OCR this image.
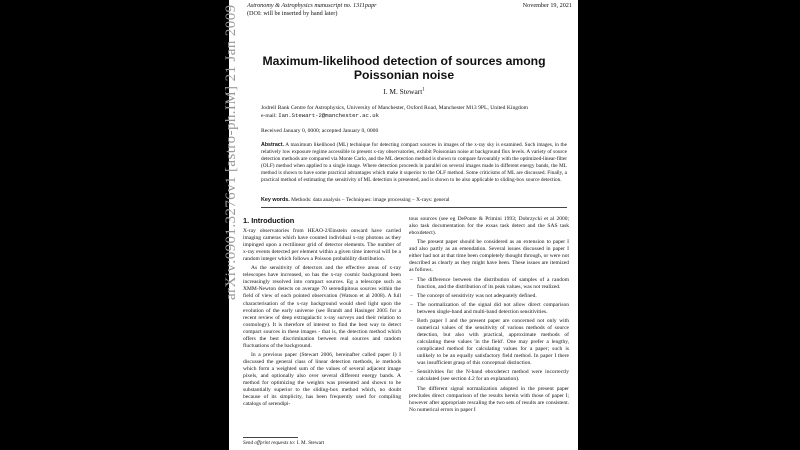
arXiv:0901.3276v1 [astro-ph.IM] 21 Jan 2009	Astronomy & Astrophysics manuscript no. 1311papr
(DOI: will be inserted by hand later)
November 19, 2021
Maximum-likelihood detection of sources among Poissonian noise
I. M. Stewart$^1$
Jodrell Bank Centre for Astrophysics, University of Manchester, Oxford Road, Manchester M13 9PL, United Kingdom
e-mail: Ian.Stewart-2@manchester.ac.uk
Received January 0, 0000; accepted January 0, 0000
Abstract. A maximum likelihood (ML) technique for detecting compact sources in images of the x-ray sky is examined. Such images, in the relatively low exposure regime accessible to present x-ray observatories, exhibit Poissonian noise at background flux levels. A variety of source detection methods are compared via Monte Carlo, and the ML detection method is shown to compare favourably with the optimized-linear-filter (OLF) method when applied to a single image. Where detection proceeds in parallel on several images made in different energy bands, the ML method is shown to have some practical advantages which make it superior to the OLF method. Some criticisms of ML are discussed. Finally, a practical method of estimating the sensitivity of ML detection is presented, and is shown to be also applicable to sliding-box source detection.
Key words. Methods: data analysis – Techniques: image processing – X-rays: general
1. Introduction

X-ray observatories from HEAO-2/Einstein onward have carried imaging cameras which have counted individual x-ray photons as they impinged upon a rectilinear grid of detector elements. The number of x-ray events detected per element within a given time interval will be a random integer which follows a Poisson probability distribution.

As the sensitivity of detectors and the effective areas of x-ray telescopes have increased, so has the x-ray cosmic background been increasingly resolved into compact sources. Eg a telescope such as XMM-Newton detects on average 70 serendipitous sources within the field of view of each pointed observation (Watson et al 2008). A full characterisation of the x-ray background would shed light upon the evolution of the early universe (see Brandt and Hasinger 2005 for a recent review of deep extragalactic x-ray surveys and their relation to cosmology). It is therefore of interest to find the best way to detect compact sources in these images - that is, the detection method which offers the best discrimination between real sources and random fluctuations of the background.

In a previous paper (Stewart 2006, hereinafter called paper I) I discussed the general class of linear detection methods, ie methods which form a weighted sum of the values of several adjacent image pixels, and optionally also over several different energy bands. A method for optimizing the weights was presented and shown to be substantially superior to the sliding-box method which, no doubt because of its simplicity, has been frequently used for compiling catalogs of serendipi-

Send offprint requests to: I. M. Stewart

tous sources (see eg DePonte & Primini 1993; Dobrzycki et al 2000; also task documentation for the exsas task detect and the SAS task eboxdetect).

The present paper should be considered as an extension to paper I and also partly as an emendation. Several issues discussed in paper I either had not at that time been completely thought through, or were not described as clearly as they might have been. These issues are itemized as follows.

– The difference between the distribution of samples of a random function, and the distribution of its peak values, was not realized.
– The concept of sensitivity was not adequately defined.
– The normalization of the signal did not allow direct comparison between single-band and multi-band detection sensitivities.
– Both paper I and the present paper are concerned not only with numerical values of the sensitivity of various methods of source detection, but also with practical, approximate methods of calculating these values 'in the field'. One may prefer a lengthy, complicated method for calculating values for a paper; such is unlikely to be an equally satisfactory field method. In paper I there was insufficient grasp of this conceptual distinction.
– Sensitivities for the N-band eboxdetect method were incorrectly calculated (see section 4.2 for an explanation).

The different signal normalization adopted in the present paper precludes direct comparison of the results herein with those of paper I; however after appropriate rescaling the two sets of results are consistent. No numerical errors in paper I
